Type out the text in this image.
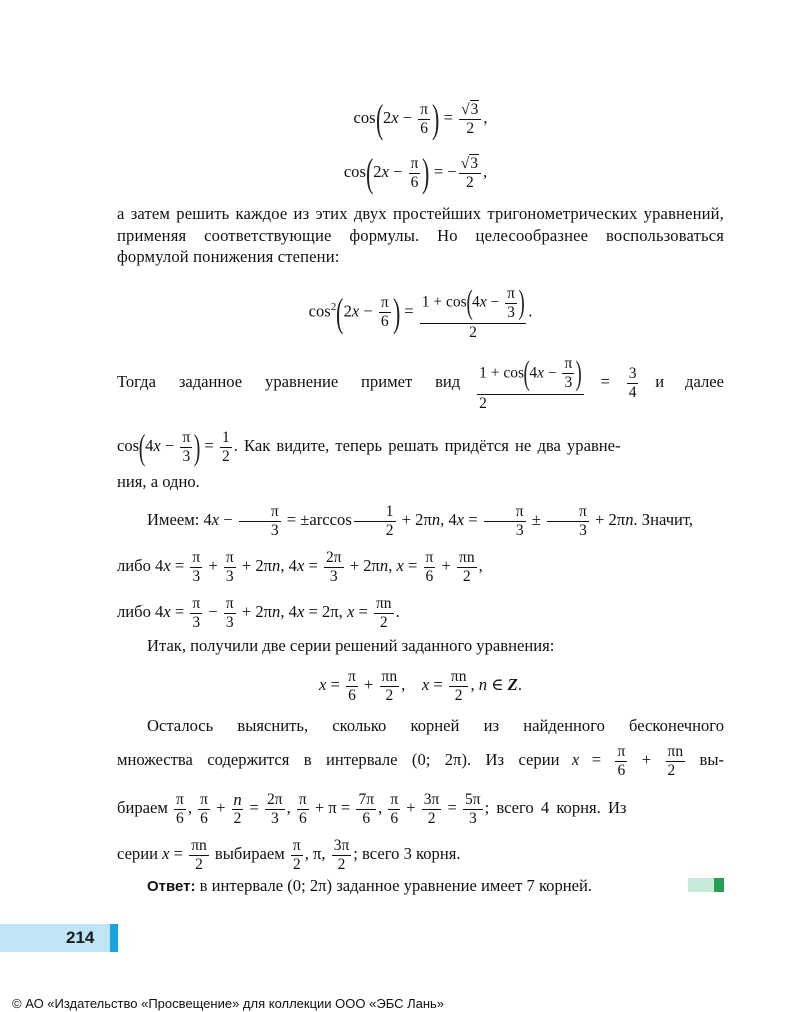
$\cos(2x - \frac{\pi}{6}$ ) = $\frac{√3}{2}$ ,
$\cos(2x - \frac{\pi}{6}$ ) = − $\frac{√3}{2}$ ,
а затем решить каждое из этих двух простейших тригонометрических уравнений, применяя соответствующие формулы. Но целесообразнее воспользоваться формулой понижения степени:
$\cos^2(2x - \frac{\pi}{6}$ ) = $\frac{1 + \cos(4x - \frac{\pi}{3} )}{2}$ .
Тогда заданное уравнение примет вид $\frac{1 + \cos(4x - \frac{\pi}{3} )}{2} = \frac{3}{4}$ и далее
$\cos(4x - \frac{\pi}{3}$ ) = $\frac{1}{2}$ . Как видите, теперь решать придётся не два уравне-
ния, а одно.
Имеем: $4x - \frac{\pi}{3} = \pm\arccos \frac{1}{2} + 2\pi n$, $4x = \frac{\pi}{3} \pm \frac{\pi}{3} + 2\pi n$. Значит,
либо $4x = \frac{\pi}{3} + \frac{\pi}{3} + 2\pi n$, $4x = \frac{2\pi}{3} + 2\pi n$, $x = \frac{\pi}{6} + \frac{\pi n}{2}$ ,
либо $4x = \frac{\pi}{3} - \frac{\pi}{3} + 2\pi n$, 4x = 2π, $x = \frac{\pi n}{2}$ .
Итак, получили две серии решений заданного уравнения:
$x = \frac{\pi}{6} + \frac{\pi n}{2}$ , $x = \frac{\pi n}{2}$ , n ∈ Z.
Осталось выяснить, сколько корней из найденного бесконечного
множества содержится в интервале (0; 2π). Из серии $x = \frac{\pi}{6} + \frac{\pi n}{2} вы-$
бираем $\frac{\pi}{6}$ , $\frac{\pi}{6} + \frac{n}{2} = \frac{2\pi}{3}$ , $\frac{\pi}{6} + \pi = \frac{7\pi}{6}$ , $\frac{\pi}{6} + \frac{3\pi}{2} = \frac{5\pi}{3}$ ; всего 4 корня. Из
серии $x = \frac{\pi n}{2}$ выбираем $\frac{\pi}{2}$ , π, $\frac{3\pi}{2}$ ; всего 3 корня.
Ответ: в интервале (0; 2π) заданное уравнение имеет 7 корней.
214
© АО «Издательство «Просвещение» для коллекции ООО «ЭБС Лань»
